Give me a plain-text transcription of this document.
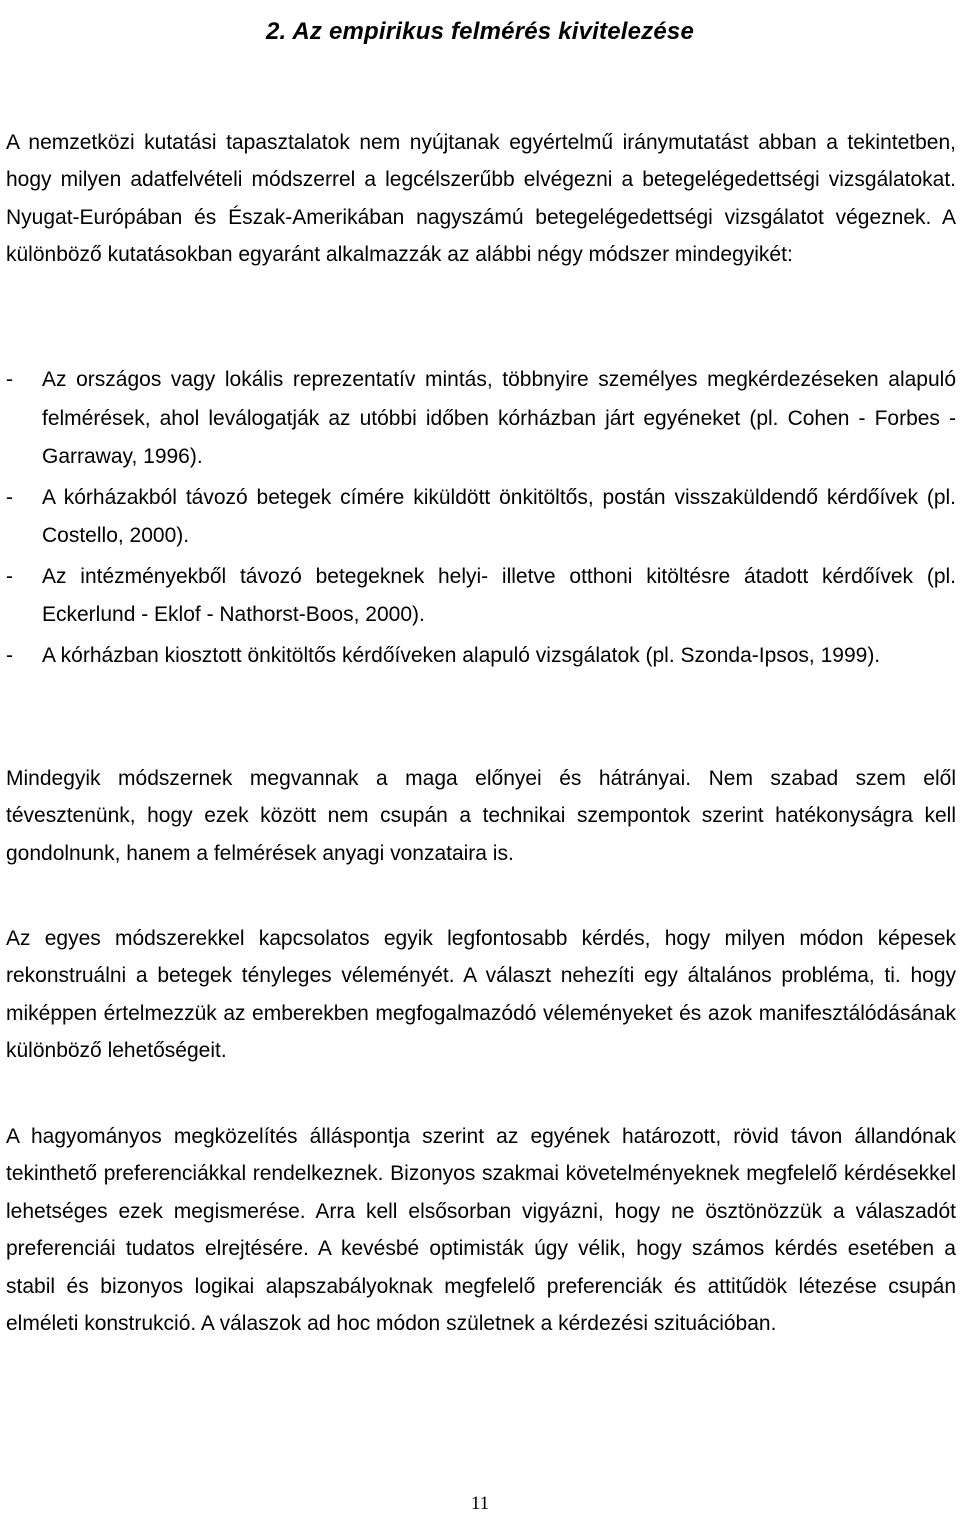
2. Az empirikus felmérés kivitelezése

A nemzetközi kutatási tapasztalatok nem nyújtanak egyértelmű iránymutatást abban a tekintetben, hogy milyen adatfelvételi módszerrel a legcélszerűbb elvégezni a betegelégedettségi vizsgálatokat. Nyugat-Európában és Észak-Amerikában nagyszámú betegelégedettségi vizsgálatot végeznek. A különböző kutatásokban egyaránt alkalmazzák az alábbi négy módszer mindegyikét:

- Az országos vagy lokális reprezentatív mintás, többnyire személyes megkérdezéseken alapuló felmérések, ahol leválogatják az utóbbi időben kórházban járt egyéneket (pl. Cohen - Forbes - Garraway, 1996).
- A kórházakból távozó betegek címére kiküldött önkitöltős, postán visszaküldendő kérdőívek (pl. Costello, 2000).
- Az intézményekből távozó betegeknek helyi- illetve otthoni kitöltésre átadott kérdőívek (pl. Eckerlund - Eklof - Nathorst-Boos, 2000).
- A kórházban kiosztott önkitöltős kérdőíveken alapuló vizsgálatok (pl. Szonda-Ipsos, 1999).

Mindegyik módszernek megvannak a maga előnyei és hátrányai. Nem szabad szem elől tévesztenünk, hogy ezek között nem csupán a technikai szempontok szerint hatékonyságra kell gondolnunk, hanem a felmérések anyagi vonzataira is.

Az egyes módszerekkel kapcsolatos egyik legfontosabb kérdés, hogy milyen módon képesek rekonstruálni a betegek tényleges véleményét. A választ nehezíti egy általános probléma, ti. hogy miképpen értelmezzük az emberekben megfogalmazódó véleményeket és azok manifesztálódásának különböző lehetőségeit.

A hagyományos megközelítés álláspontja szerint az egyének határozott, rövid távon állandónak tekinthető preferenciákkal rendelkeznek. Bizonyos szakmai követelményeknek megfelelő kérdésekkel lehetséges ezek megismerése. Arra kell elsősorban vigyázni, hogy ne ösztönözzük a válaszadót preferenciái tudatos elrejtésére. A kevésbé optimisták úgy vélik, hogy számos kérdés esetében a stabil és bizonyos logikai alapszabályoknak megfelelő preferenciák és attitűdök létezése csupán elméleti konstrukció. A válaszok ad hoc módon születnek a kérdezési szituációban.

11
